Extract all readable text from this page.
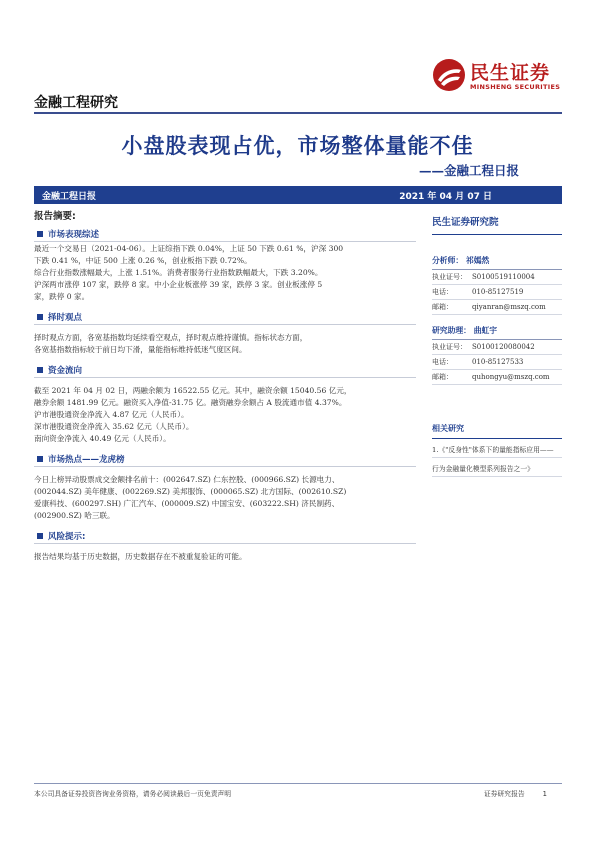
民生证券
MINSHENG SECURITIES
金融工程研究
小盘股表现占优，市场整体量能不佳
——金融工程日报
金融工程日报	2021 年 04 月 07 日
报告摘要:
市场表现综述

最近一个交易日（2021-04-06）。上证综指下跌 0.04%，上证 50 下跌 0.61 %，沪深 300

下跌 0.41 %，中证 500 上涨 0.26 %，创业板指下跌 0.72%。

综合行业指数涨幅最大，上涨 1.51%。消费者服务行业指数跌幅最大，下跌 3.20%。

沪深两市涨停 107 家，跌停 8 家。中小企业板涨停 39 家，跌停 3 家。创业板涨停 5

家，跌停 0 家。

择时观点

择时观点方面，各宽基指数均延续看空观点，择时观点维持谨慎。指标状态方面，

各宽基指数指标较于前日均下滑，量能指标维持低迷气度区间。

资金流向

截至 2021 年 04 月 02 日，两融余额为 16522.55 亿元。其中，融资余额 15040.56 亿元，

融券余额 1481.99 亿元。融资买入净值-31.75 亿。融资融券余额占 A 股流通市值 4.37%。

沪市港股通资金净流入 4.87 亿元（人民币）。

深市港股通资金净流入 35.62 亿元（人民币）。

南向资金净流入 40.49 亿元（人民币）。

市场热点——龙虎榜

今日上榜异动股票成交金额排名前十：(002647.SZ) 仁东控股、(000966.SZ) 长源电力、

(002044.SZ) 美年健康、(002269.SZ) 美邦服饰、(000065.SZ) 北方国际、(002610.SZ)

爱康科技、(600297.SH) 广汇汽车、(000009.SZ) 中国宝安、(603222.SH) 济民制药、

(002900.SZ) 哈三联。

风险提示:

报告结果均基于历史数据，历史数据存在不被重复验证的可能。

民生证券研究院
分析师： 祁嫣然
执业证号： S0100519110004
电话：	010-85127519
邮箱：	qiyanran@mszq.com
研究助理： 曲虹宇
执业证号： S0100120080042
电话：	010-85127533
邮箱：	quhongyu@mszq.com
相关研究
1.《"反身性"体系下的量能指标应用——
行为金融量化模型系列报告之一》
本公司具备证券投资咨询业务资格，请务必阅读最后一页免责声明	证券研究报告	1
